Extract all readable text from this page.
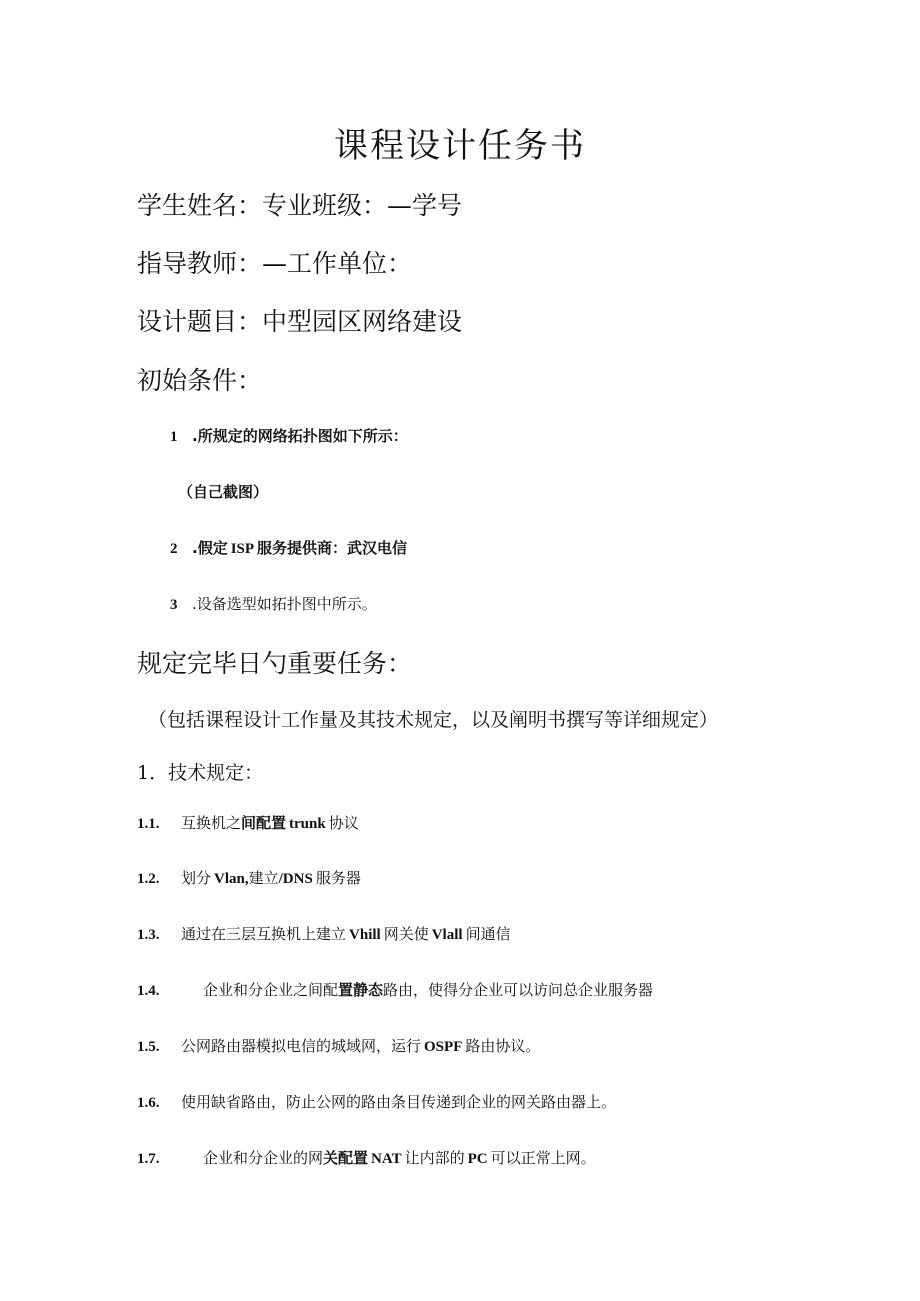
课程设计任务书
学生姓名：专业班级：—学号
指导教师：—工作单位：
设计题目：中型园区网络建设
初始条件：
1 .所规定的网络拓扑图如下所示：
（自己截图）
2 .假定 ISP 服务提供商：武汉电信
3 .设备选型如拓扑图中所示。
规定完毕日勺重要任务：
（包括课程设计工作量及其技术规定，以及阐明书撰写等详细规定）
1．技术规定：
1.1. 互换机之间配置 trunk 协议
1.2. 划分 Vlan,建立/DNS 服务器
1.3. 通过在三层互换机上建立 Vhill 网关使 Vlall 间通信
1.4.	企业和分企业之间配置静态路由，使得分企业可以访问总企业服务器
1.5. 公网路由器模拟电信的城域网，运行 OSPF 路由协议。
1.6. 使用缺省路由，防止公网的路由条目传递到企业的网关路由器上。
1.7.	企业和分企业的网关配置 NAT 让内部的 PC 可以正常上网。
